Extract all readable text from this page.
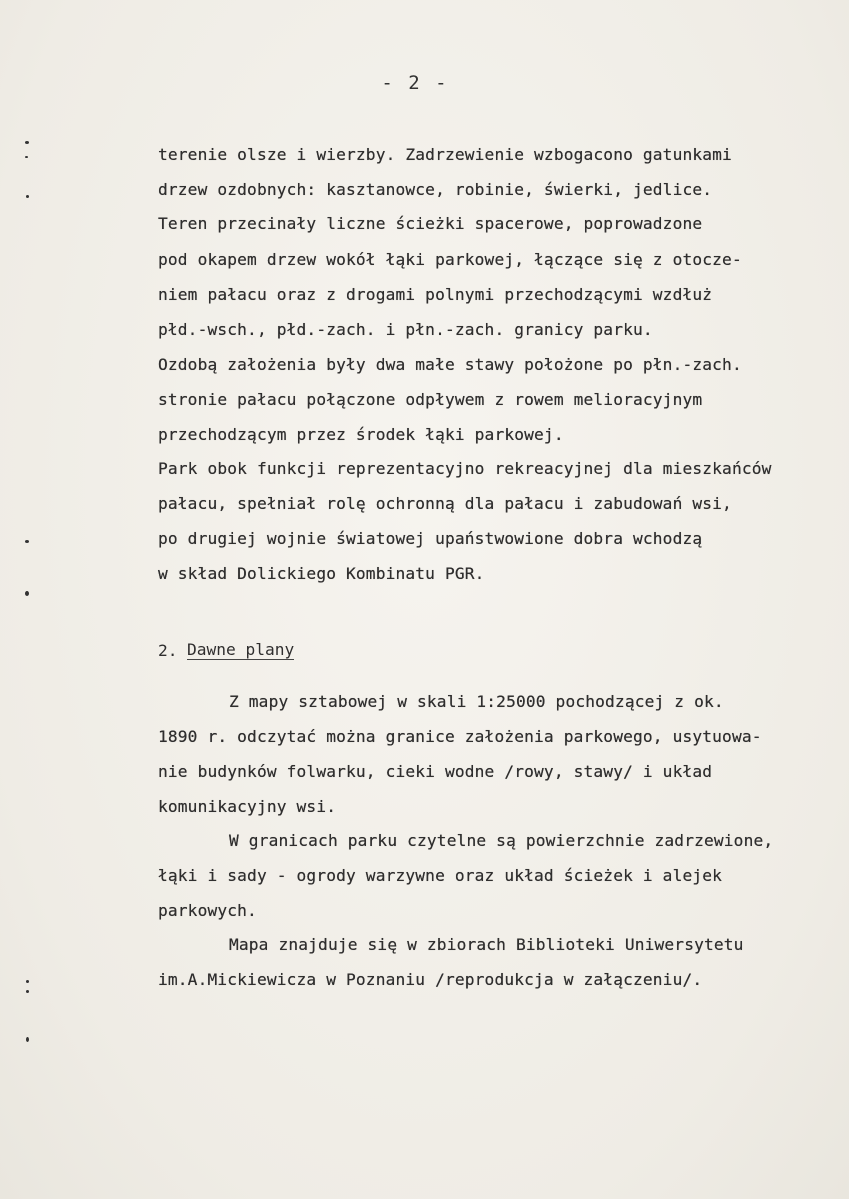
- 2 -
terenie olsze i wierzby. Zadrzewienie wzbogacono gatunkami
drzew ozdobnych: kasztanowce, robinie, świerki, jedlice.
Teren przecinały liczne ścieżki spacerowe, poprowadzone
pod okapem drzew wokół łąki parkowej, łączące się z otocze-
niem pałacu oraz z drogami polnymi przechodzącymi wzdłuż
płd.-wsch., płd.-zach. i płn.-zach. granicy parku.
Ozdobą założenia były dwa małe stawy położone po płn.-zach.
stronie pałacu połączone odpływem z rowem melioracyjnym
przechodzącym przez środek łąki parkowej.
Park obok funkcji reprezentacyjno rekreacyjnej dla mieszkańców
pałacu, spełniał rolę ochronną dla pałacu i zabudowań wsi,
po drugiej wojnie światowej upaństwowione dobra wchodzą
w skład Dolickiego Kombinatu PGR.
2. Dawne plany
Z mapy sztabowej w skali 1:25000 pochodzącej z ok.
1890 r. odczytać można granice założenia parkowego, usytuowa-
nie budynków folwarku, cieki wodne /rowy, stawy/ i układ
komunikacyjny wsi.
W granicach parku czytelne są powierzchnie zadrzewione,
łąki i sady - ogrody warzywne oraz układ ścieżek i alejek
parkowych.
Mapa znajduje się w zbiorach Biblioteki Uniwersytetu
im.A.Mickiewicza w Poznaniu /reprodukcja w załączeniu/.
